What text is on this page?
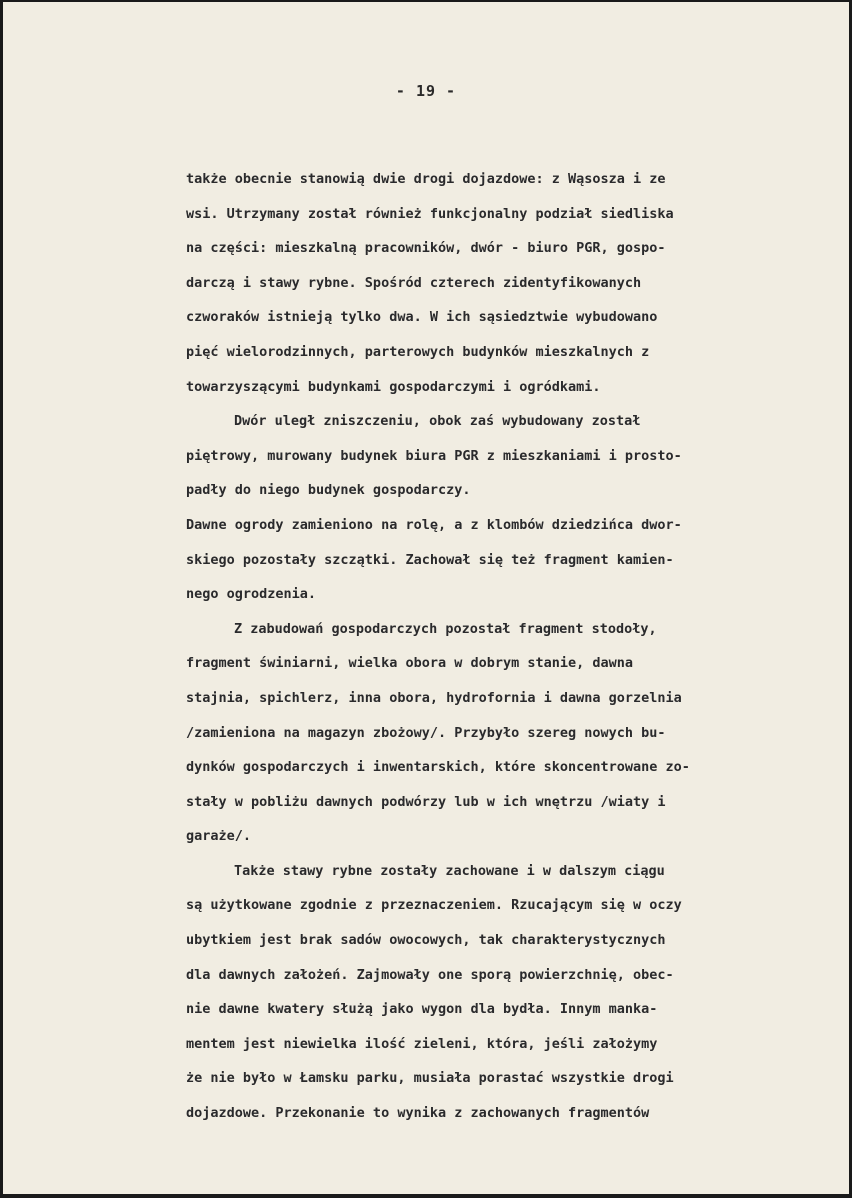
- 19 -
także obecnie stanowią dwie drogi dojazdowe: z Wąsosza i ze
wsi. Utrzymany został również funkcjonalny podział siedliska
na części: mieszkalną pracowników, dwór - biuro PGR, gospo-
darczą i stawy rybne. Spośród czterech zidentyfikowanych
czworaków istnieją tylko dwa. W ich sąsiedztwie wybudowano
pięć wielorodzinnych, parterowych budynków mieszkalnych z
towarzyszącymi budynkami gospodarczymi i ogródkami.
Dwór uległ zniszczeniu, obok zaś wybudowany został
piętrowy, murowany budynek biura PGR z mieszkaniami i prosto-
padły do niego budynek gospodarczy.
Dawne ogrody zamieniono na rolę, a z klombów dziedzińca dwor-
skiego pozostały szczątki. Zachował się też fragment kamien-
nego ogrodzenia.
Z zabudowań gospodarczych pozostał fragment stodoły,
fragment świniarni, wielka obora w dobrym stanie, dawna
stajnia, spichlerz, inna obora, hydrofornia i dawna gorzelnia
/zamieniona na magazyn zbożowy/. Przybyło szereg nowych bu-
dynków gospodarczych i inwentarskich, które skoncentrowane zo-
stały w pobliżu dawnych podwórzy lub w ich wnętrzu /wiaty i
garaże/.
Także stawy rybne zostały zachowane i w dalszym ciągu
są użytkowane zgodnie z przeznaczeniem. Rzucającym się w oczy
ubytkiem jest brak sadów owocowych, tak charakterystycznych
dla dawnych założeń. Zajmowały one sporą powierzchnię, obec-
nie dawne kwatery służą jako wygon dla bydła. Innym mankа-
mentem jest niewielka ilość zieleni, która, jeśli założymy
że nie było w Łamsku parku, musiała porastać wszystkie drogi
dojazdowe. Przekonanie to wynika z zachowanych fragmentów
